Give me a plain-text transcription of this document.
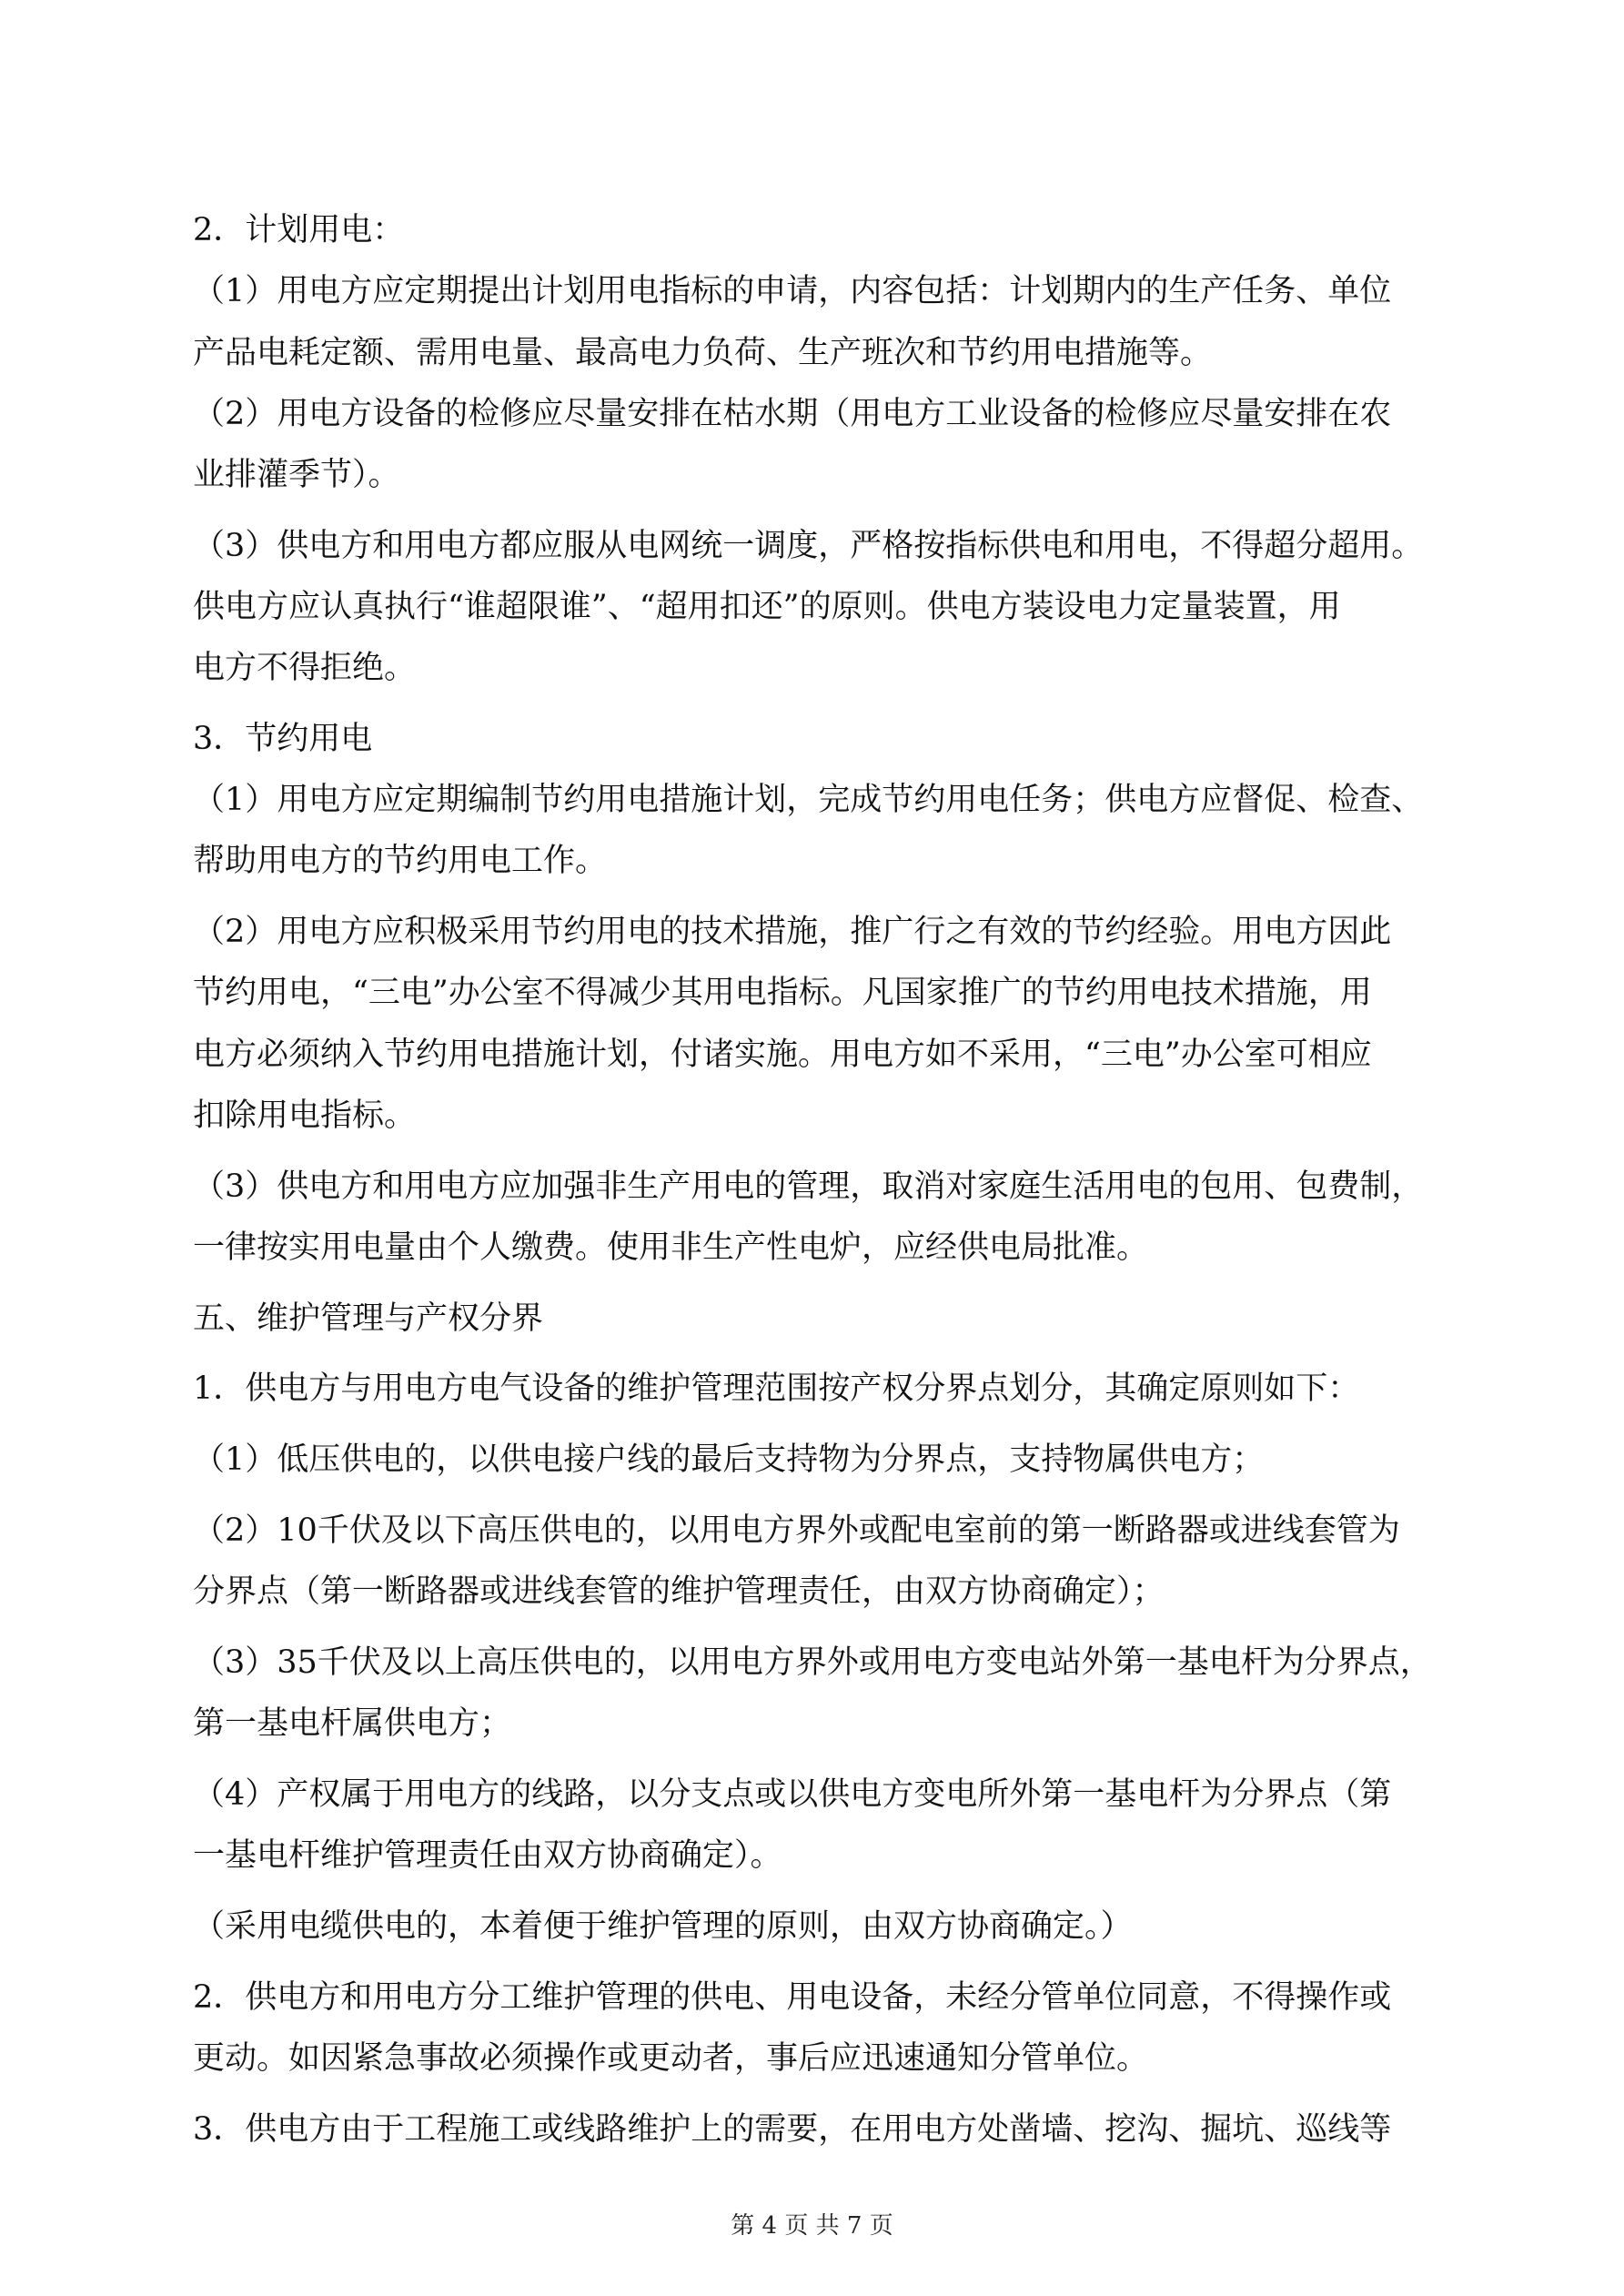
2．计划用电：
（1）用电方应定期提出计划用电指标的申请，内容包括：计划期内的生产任务、单位
产品电耗定额、需用电量、最高电力负荷、生产班次和节约用电措施等。
（2）用电方设备的检修应尽量安排在枯水期（用电方工业设备的检修应尽量安排在农
业排灌季节）。
（3）供电方和用电方都应服从电网统一调度，严格按指标供电和用电，不得超分超用。
供电方应认真执行“谁超限谁”、“超用扣还”的原则。供电方装设电力定量装置，用
电方不得拒绝。
3．节约用电
（1）用电方应定期编制节约用电措施计划，完成节约用电任务；供电方应督促、检查、
帮助用电方的节约用电工作。
（2）用电方应积极采用节约用电的技术措施，推广行之有效的节约经验。用电方因此
节约用电，“三电”办公室不得减少其用电指标。凡国家推广的节约用电技术措施，用
电方必须纳入节约用电措施计划，付诸实施。用电方如不采用，“三电”办公室可相应
扣除用电指标。
（3）供电方和用电方应加强非生产用电的管理，取消对家庭生活用电的包用、包费制，
一律按实用电量由个人缴费。使用非生产性电炉，应经供电局批准。
五、维护管理与产权分界
1．供电方与用电方电气设备的维护管理范围按产权分界点划分，其确定原则如下：
（1）低压供电的，以供电接户线的最后支持物为分界点，支持物属供电方；
（2）10千伏及以下高压供电的，以用电方界外或配电室前的第一断路器或进线套管为
分界点（第一断路器或进线套管的维护管理责任，由双方协商确定）；
（3）35千伏及以上高压供电的，以用电方界外或用电方变电站外第一基电杆为分界点，
第一基电杆属供电方；
（4）产权属于用电方的线路，以分支点或以供电方变电所外第一基电杆为分界点（第
一基电杆维护管理责任由双方协商确定）。
（采用电缆供电的，本着便于维护管理的原则，由双方协商确定。）
2．供电方和用电方分工维护管理的供电、用电设备，未经分管单位同意，不得操作或
更动。如因紧急事故必须操作或更动者，事后应迅速通知分管单位。
3．供电方由于工程施工或线路维护上的需要，在用电方处凿墙、挖沟、掘坑、巡线等
第 4 页 共 7 页
